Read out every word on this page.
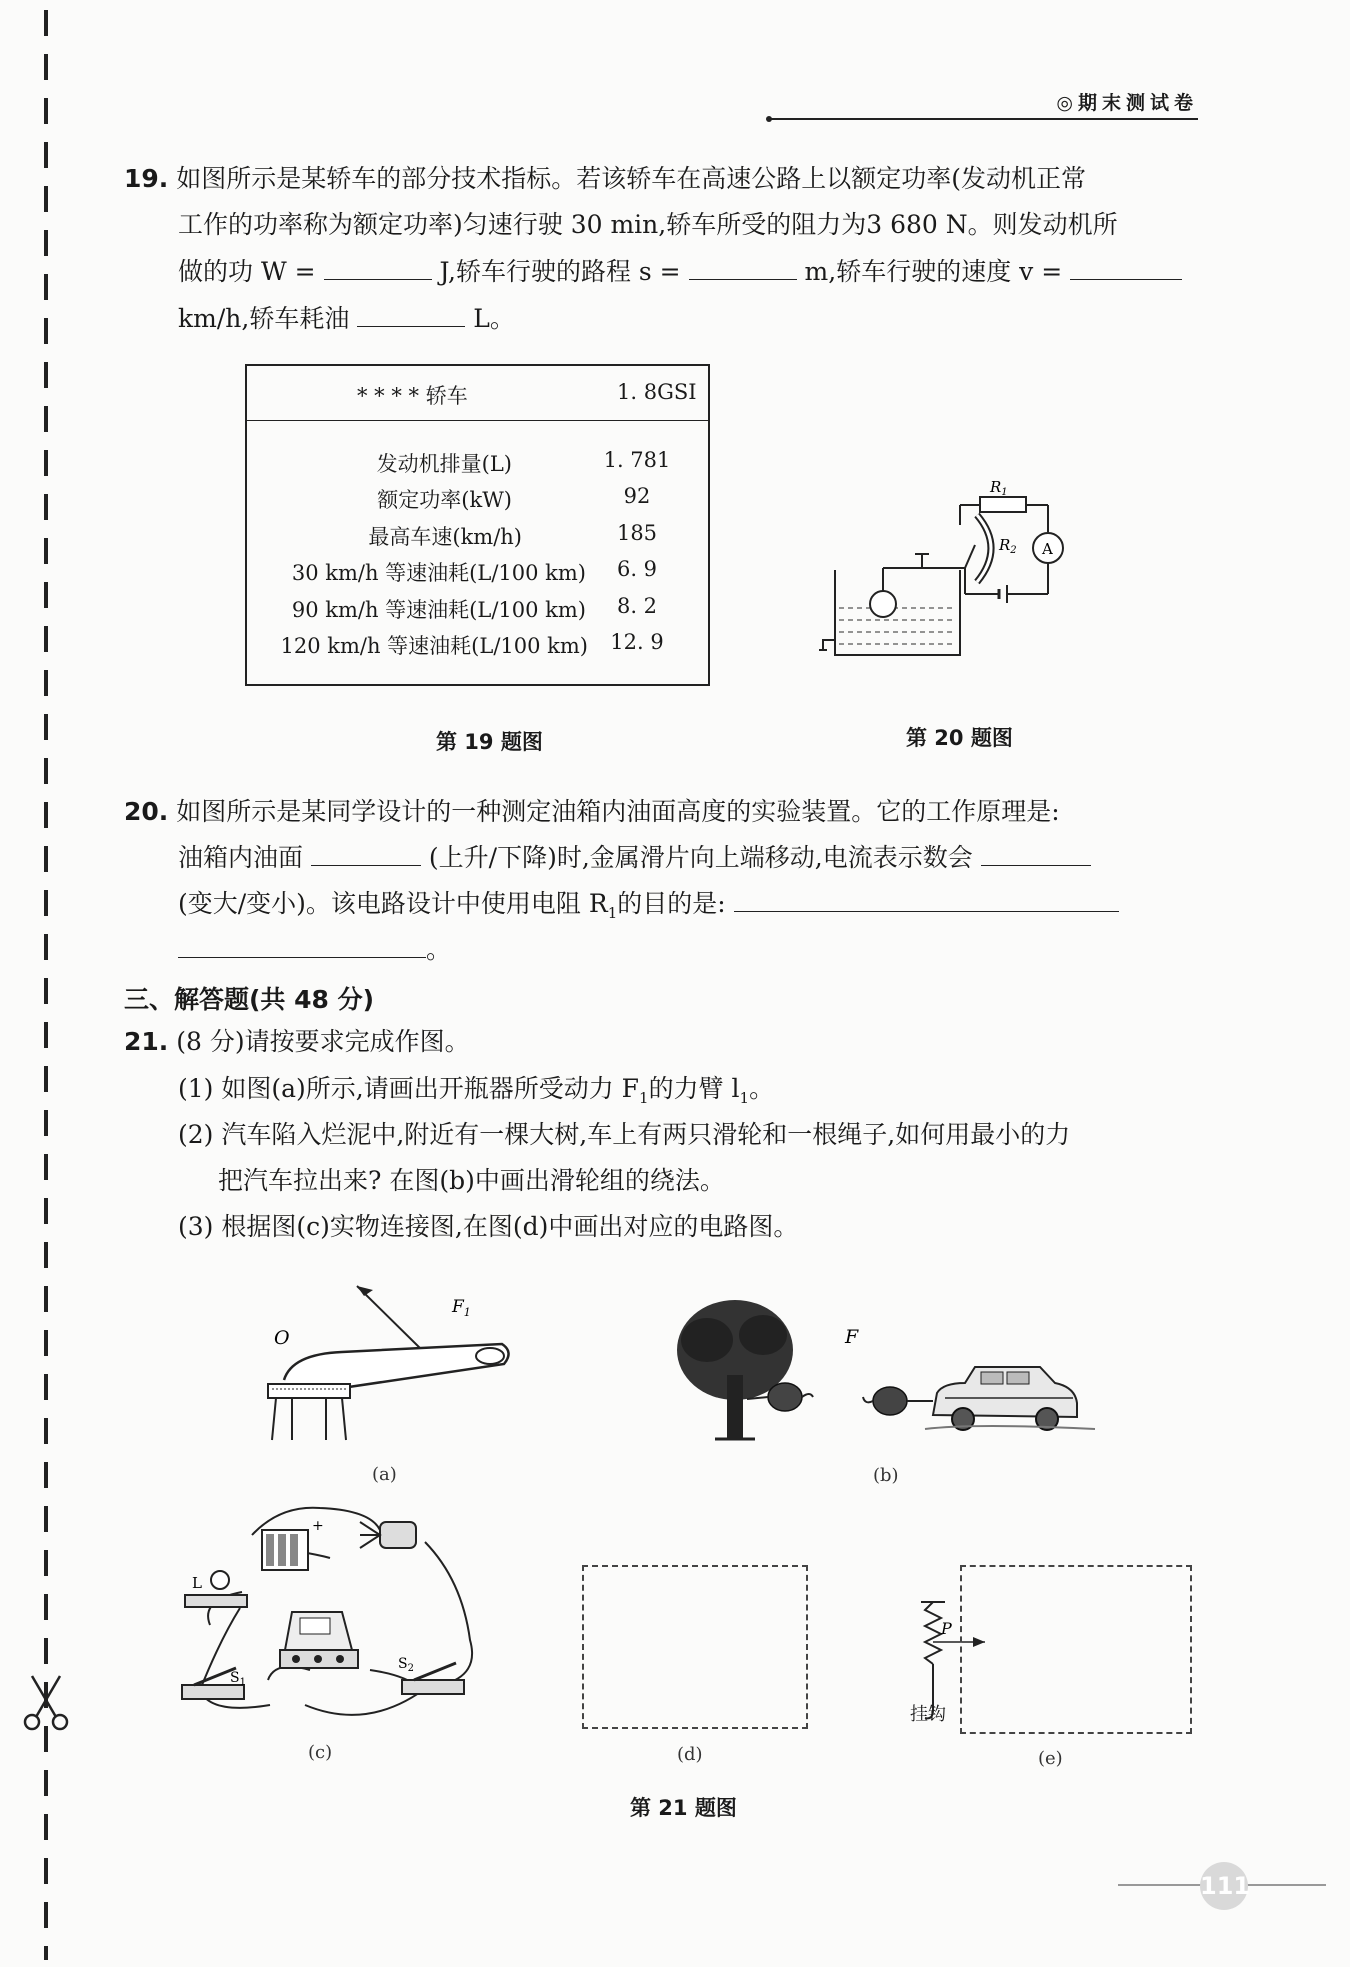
◎期末测试卷
19. 如图所示是某轿车的部分技术指标。若该轿车在高速公路上以额定功率(发动机正常
工作的功率称为额定功率)匀速行驶 30 min,轿车所受的阻力为3 680 N。则发动机所
做的功 W =	J,轿车行驶的路程 s =	m,轿车行驶的速度 v =
km/h,轿车耗油	L。
* * * * 轿车	1. 8GSI
发动机排量(L)	1. 781
额定功率(kW)	92
最高车速(km/h)	185
30 km/h 等速油耗(L/100 km)	6. 9
90 km/h 等速油耗(L/100 km)	8. 2
120 km/h 等速油耗(L/100 km)	12. 9
$R_1$
$R_2$ A
第 19 题图	第 20 题图
20. 如图所示是某同学设计的一种测定油箱内油面高度的实验装置。它的工作原理是:
油箱内油面	(上升/下降)时,金属滑片向上端移动,电流表示数会
(变大/变小)。该电路设计中使用电阻 $R_1$的目的是:
。
三、解答题(共 48 分)
21. (8 分)请按要求完成作图。
(1) 如图(a)所示,请画出开瓶器所受动力 $F_1$的力臂 $l_1$。
(2) 汽车陷入烂泥中,附近有一棵大树,车上有两只滑轮和一根绳子,如何用最小的力
把汽车拉出来? 在图(b)中画出滑轮组的绕法。
(3) 根据图(c)实物连接图,在图(d)中画出对应的电路图。
O
$F_1$
(a)
F
(b)
+
L
$S_1$
$S_2$
(c)	(d)
P
挂钩
(e)
第 21 题图
111
